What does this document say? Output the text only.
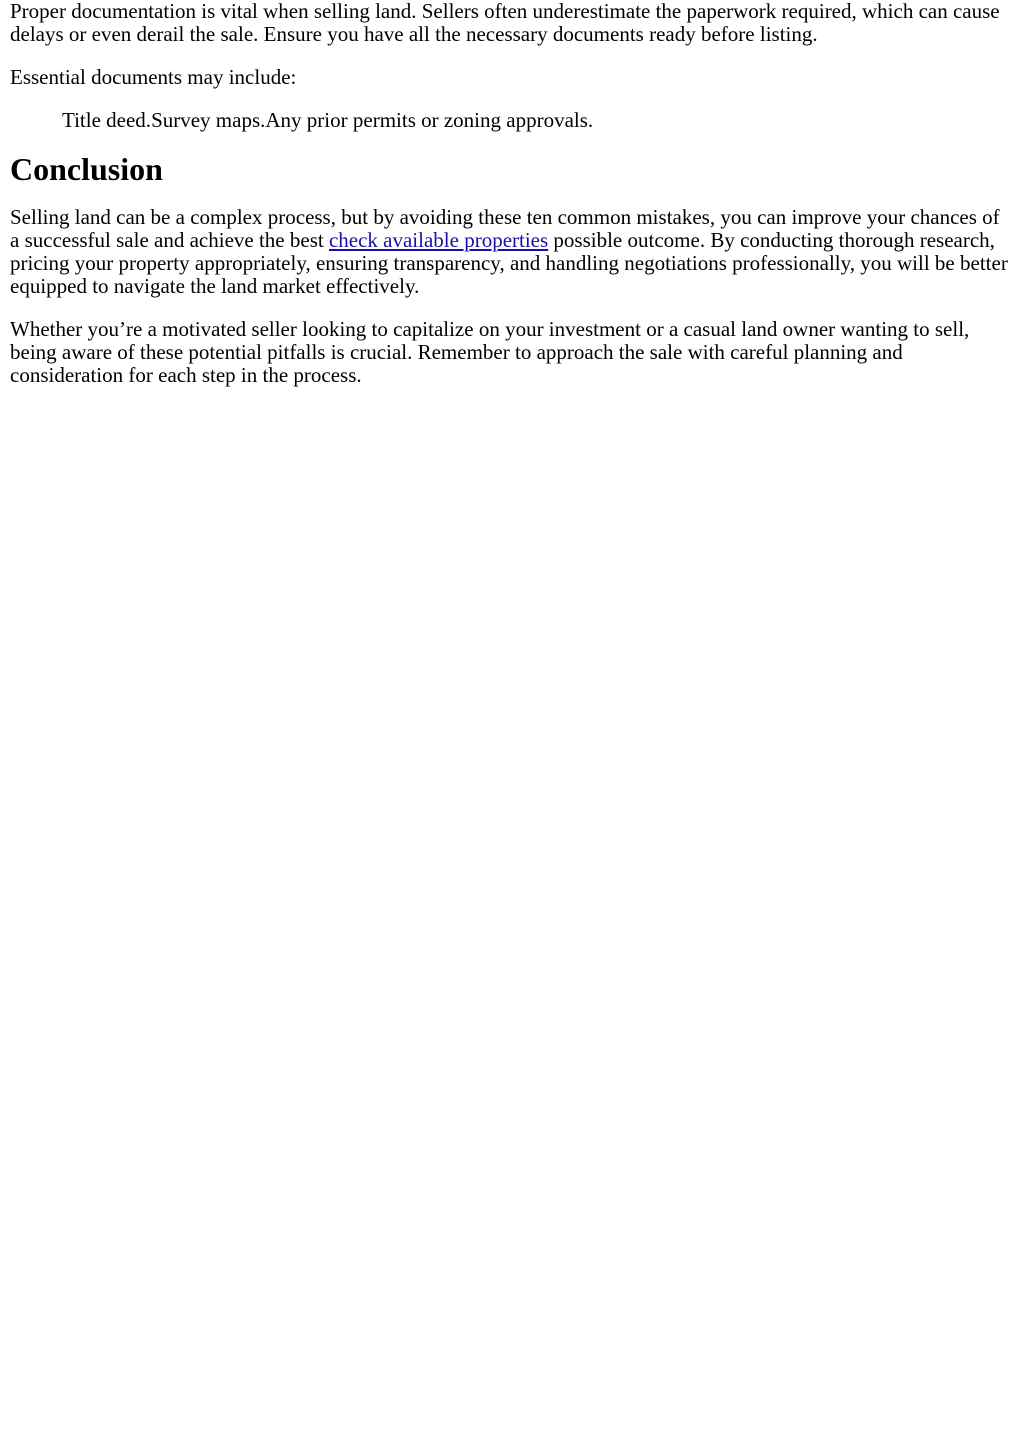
Proper documentation is vital when selling land. Sellers often underestimate the paperwork required, which can cause delays or even derail the sale. Ensure you have all the necessary documents ready before listing.

Essential documents may include:

Title deed.Survey maps.Any prior permits or zoning approvals.
Conclusion

Selling land can be a complex process, but by avoiding these ten common mistakes, you can improve your chances of a successful sale and achieve the best check available properties possible outcome. By conducting thorough research, pricing your property appropriately, ensuring transparency, and handling negotiations professionally, you will be better equipped to navigate the land market effectively.

Whether you’re a motivated seller looking to capitalize on your investment or a casual land owner wanting to sell, being aware of these potential pitfalls is crucial. Remember to approach the sale with careful planning and consideration for each step in the process.
